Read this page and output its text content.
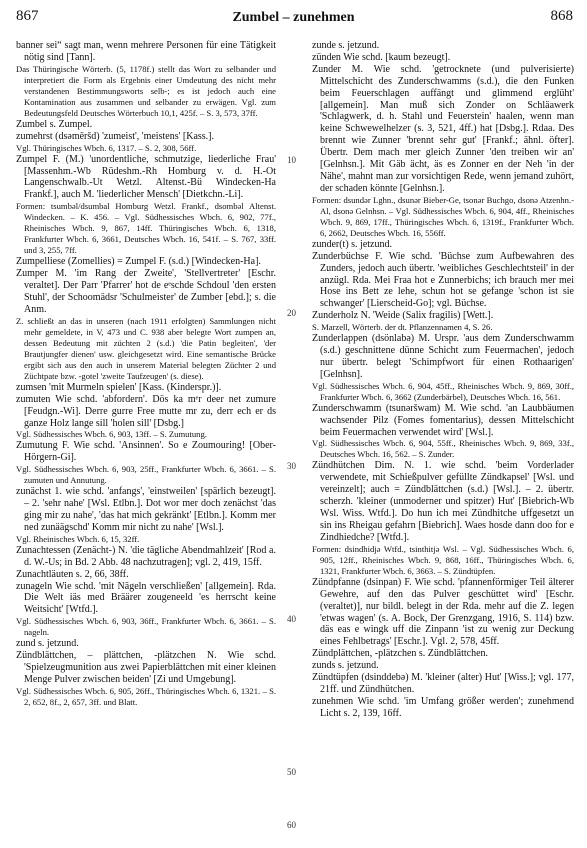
867	Zumbel – zunehmen	868
10
20
30
40
50
60

banner sei“ sagt man, wenn mehrere Personen für eine Tätigkeit nötig sind [Tann].

Das Thüringische Wörterb. (5, 1178f.) stellt das Wort zu selbander und interpretiert die Form als Ergebnis einer Umdeutung des nicht mehr verstandenen Bestimmungsworts selb-; es ist jedoch auch eine Kontamination aus zusammen und selbander zu erwägen. Vgl. zum Bedeutungsfeld Deutsches Wörterbuch 10,1, 425f. – S. 3, 573, 37ff.

Zumbel s. Zumpel.

zumehrst (dsəmēršd) 'zumeist', 'meistens' [Kass.].

Vgl. Thüringisches Wbch. 6, 1317. – S. 2, 308, 56ff.

Zumpel F. (M.) 'unordentliche, schmutzige, liederliche Frau' [Massenhm.-Wb Rüdeshm.-Rh Homburg v. d. H.-Ot Langenschwalb.-Ut Wetzl. Altenst.-Bü Windecken-Ha Frankf.], auch M. 'liederlicher Mensch' [Dietkchn.-Li].

Formen: tsumbəl/dsumbal Homburg Wetzl. Frankf., dsombəl Altenst. Windecken. – K. 456. – Vgl. Südhessisches Wbch. 6, 902, 77f., Rheinisches Wbch. 9, 867, 14ff. Thüringisches Wbch. 6, 1318, Frankfurter Wbch. 6, 3661, Deutsches Wbch. 16, 541f. – S. 767, 33ff. und 3, 255, 7ff.

Zumpelliese (Zomellies) = Zumpel F. (s.d.) [Windecken-Ha].

Zumper M. 'im Rang der Zweite', 'Stellvertreter' [Eschr. veraltet]. Der Parr 'Pfarrer' hot de eᵉschde Schdoul 'den ersten Stuhl', der Schoomädsr 'Schulmeister' de Zumber [ebd.]; s. die Anm.

Z. schließt an das in unseren (nach 1911 erfolgten) Sammlungen nicht mehr gemeldete, in V, 473 und C. 938 aber belegte Wort zumpen an, dessen Bedeutung mit züchten 2 (s.d.) 'die Patin begleiten', 'der Brautjungfer dienen' usw. gleichgesetzt wird. Eine semantische Brücke ergibt sich aus den auch in unserem Material belegten Züchter 2 und Züchtpate bzw. -gotel 'zweite Taufzeugen' (s. diese).

zumsen 'mit Murmeln spielen' [Kass. (Kinderspr.)].

zumuten Wie schd. 'abfordern'. Dös ka mᵉr deer net zumure [Feudgn.-Wi]. Derre gurre Free mutte mr zu, derr ech er ds ganze Holz lange sill 'holen sill' [Dsbg.]

Vgl. Südhessisches Wbch. 6, 903, 13ff. – S. Zumutung.

Zumutung F. Wie schd. 'Ansinnen'. So e Zoumouring! [Ober-Hörgern-Gi].

Vgl. Südhessisches Wbch. 6, 903, 25ff., Frankfurter Wbch. 6, 3661. – S. zumuten und Annutung.

zunächst 1. wie schd. 'anfangs', 'einstweilen' [spärlich bezeugt]. – 2. 'sehr nahe' [Wsl. Etlbn.]. Dot wor mer doch zenächst 'das ging mir zu nahe', 'das hat mich gekränkt' [Etlbn.]. Komm mer ned zunäägschd' Komm mir nicht zu nahe' [Wsl.].

Vgl. Rheinisches Wbch. 6, 15, 32ff.

Zunachtessen (Zenächt-) N. 'die tägliche Abendmahlzeit' [Rod a. d. W.-Us; in Bd. 2 Abb. 48 nachzutragen]; vgl. 2, 419, 15ff.

Zunachtläuten s. 2, 66, 38ff.

zunageln Wie schd. 'mit Nägeln verschließen' [allgemein]. Rda. Die Welt iäs med Bräärer zougeneeld 'es herrscht keine Weitsicht' [Wtfd.].

Vgl. Südhessisches Wbch. 6, 903, 36ff., Frankfurter Wbch. 6, 3661. – S. nageln.

zund s. jetzund.

Zündblättchen, – plättchen, -plätzchen N. Wie schd. 'Spielzeugmunition aus zwei Papierblättchen mit einer kleinen Menge Pulver zwischen beiden' [Zi und Umgebung].

Vgl. Südhessisches Wbch. 6, 905, 26ff., Thüringisches Wbch. 6, 1321. – S. 2, 652, 8f., 2, 657, 3ff. und Blatt.

zunde s. jetzund.

zünden Wie schd. [kaum bezeugt].

Zunder M. Wie schd. 'getrocknete (und pulverisierte) Mittelschicht des Zunderschwamms (s.d.), die den Funken beim Feuerschlagen auffängt und glimmend erglüht' [allgemein]. Man muß sich Zonder on Schläawerk 'Schlagwerk, d. h. Stahl und Feuerstein' haalen, wenn man keine Schwewelhelzer (s. 3, 521, 4ff.) hat [Dsbg.]. Rdaa. Des brennt wie Zunner 'brennt sehr gut' [Frankf.; ähnl. öfter]. Übertr. Dem mach mer gleich Zunner 'den treiben wir an' [Gelnhsn.]. Mit Gäb ächt, äs es Zonner en der Neh 'in der Nähe', mahnt man zur vorsichtigen Rede, wenn jemand zuhört, der schaden könnte [Gelnhsn.].

Formen: dsundər Lghn., dsunər Bieber-Ge, tsonər Buchgo, dsonə Atzenhn.-Al, dsonə Gelnhsn. – Vgl. Südhessisches Wbch. 6, 904, 4ff., Rheinisches Wbch. 9, 869, 17ff., Thüringisches Wbch. 6, 1319f., Frankfurter Wbch. 6, 2662, Deutsches Wbch. 16, 556ff.

zunder(t) s. jetzund.

Zunderbüchse F. Wie schd. 'Büchse zum Aufbewahren des Zunders, jedoch auch übertr. 'weibliches Geschlechtsteil' in der anzügl. Rda. Mei Fraa hot e Zunnerbichs; ich brauch mer mei Hose ins Bett ze lehe, schun hot se gefange 'schon ist sie schwanger' [Lierscheid-Go]; vgl. Büchse.

Zunderholz N. 'Weide (Salix fragilis) [Wett.].

S. Marzell, Wörterb. der dt. Pflanzennamen 4, S. 26.

Zunderlappen (dsönlabə) M. Urspr. 'aus dem Zunderschwamm (s.d.) geschnittene dünne Schicht zum Feuermachen', jedoch nur übertr. belegt 'Schimpfwort für einen Rothaarigen' [Gelnhsn].

Vgl. Südhessisches Wbch. 6, 904, 45ff., Rheinisches Wbch. 9, 869, 30ff., Frankfurter Wbch. 6, 3662 (Zunderbärbel), Deutsches Wbch. 16, 561.

Zunderschwamm (tsunəršwam) M. Wie schd. 'an Laubbäumen wachsender Pilz (Fomes fomentarius), dessen Mittelschicht beim Feuermachen verwendet wird' [Wsl.].

Vgl. Südhessisches Wbch. 6, 904, 55ff., Rheinisches Wbch. 9, 869, 33f., Deutsches Wbch. 16, 562. – S. Zunder.

Zündhütchen Dim. N. 1. wie schd. 'beim Vorderlader verwendete, mit Schießpulver gefüllte Zündkapsel' [Wsl. und vereinzelt]; auch = Zündblättchen (s.d.) [Wsl.]. – 2. übertr. scherzh. 'kleiner (unmoderner und spitzer) Hut' [Biebrich-Wb Wsl. Wiss. Wtfd.]. Do hun ich mei Zündhitche uffgesetzt un sin ins Rheigau gefahrn [Biebrich]. Waes hosde dann doo for e Zindhiedche? [Wtfd.].

Formen: dsindhidjə Wtfd., tsinthitjə Wsl. – Vgl. Südhessisches Wbch. 6, 905, 12ff., Rheinisches Wbch. 9, 868, 16ff., Thüringisches Wbch. 6, 1321, Frankfurter Wbch. 6, 3663. – S. Zündtüpfen.

Zündpfanne (dsinpan) F. Wie schd. 'pfannenförmiger Teil älterer Gewehre, auf den das Pulver geschüttet wird' [Eschr. (veraltet)], nur bildl. belegt in der Rda. mehr auf die Z. legen 'etwas wagen' (s. A. Bock, Der Grenzgang, 1916, S. 114) bzw. däs eas e wingk uff die Zinpann 'ist zu wenig zur Deckung eines Fehlbetrags' [Eschr.]. Vgl. 2, 578, 45ff.

Zündplättchen, -plätzchen s. Zündblättchen.

zunds s. jetzund.

Zündtüpfen (dsinddebə) M. 'kleiner (alter) Hut' [Wiss.]; vgl. 177, 21ff. und Zündhütchen.

zunehmen Wie schd. 'im Umfang größer werden'; zunehmend Licht s. 2, 139, 16ff.
